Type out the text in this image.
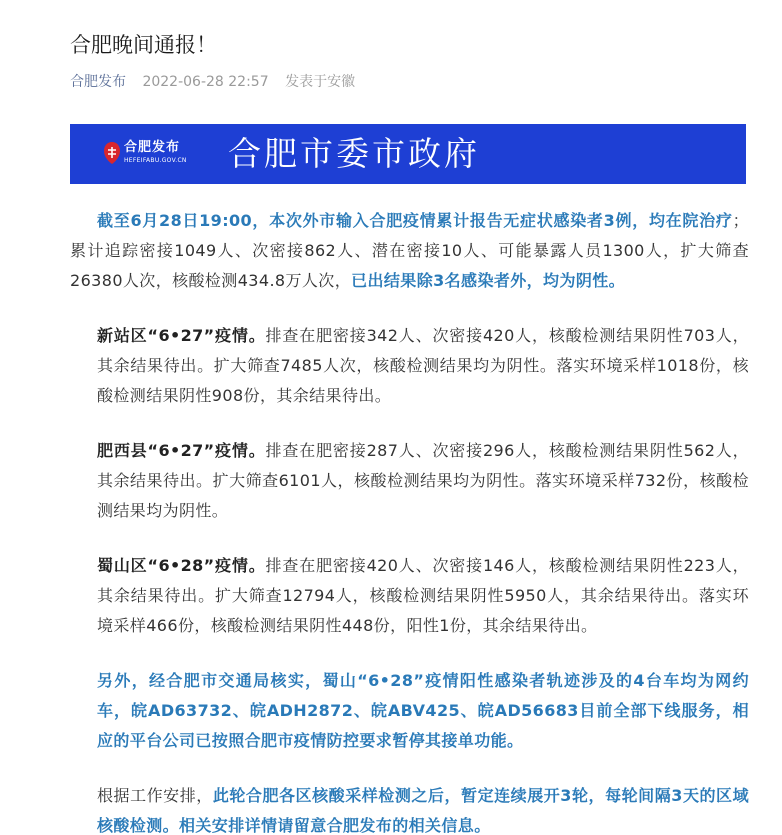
合肥晚间通报！
合肥发布 2022-06-28 22:57 发表于安徽
合肥发布
HEFEIFABU.GOV.CN 合肥市委市政府

截至6月28日19:00，本次外市输入合肥疫情累计报告无症状感染者3例，均在院治疗；累计追踪密接1049人、次密接862人、潜在密接10人、可能暴露人员1300人，扩大筛查26380人次，核酸检测434.8万人次，已出结果除3名感染者外，均为阴性。

新站区“6•27”疫情。排查在肥密接342人、次密接420人，核酸检测结果阴性703人，其余结果待出。扩大筛查7485人次，核酸检测结果均为阴性。落实环境采样1018份，核酸检测结果阴性908份，其余结果待出。

肥西县“6•27”疫情。排查在肥密接287人、次密接296人，核酸检测结果阴性562人，其余结果待出。扩大筛查6101人，核酸检测结果均为阴性。落实环境采样732份，核酸检测结果均为阴性。

蜀山区“6•28”疫情。排查在肥密接420人、次密接146人，核酸检测结果阴性223人，其余结果待出。扩大筛查12794人，核酸检测结果阴性5950人，其余结果待出。落实环境采样466份，核酸检测结果阴性448份，阳性1份，其余结果待出。

另外，经合肥市交通局核实，蜀山“6•28”疫情阳性感染者轨迹涉及的4台车均为网约车，皖AD63732、皖ADH2872、皖ABV425、皖AD56683目前全部下线服务，相应的平台公司已按照合肥市疫情防控要求暂停其接单功能。

根据工作安排，此轮合肥各区核酸采样检测之后，暂定连续展开3轮，每轮间隔3天的区域核酸检测。相关安排详情请留意合肥发布的相关信息。
